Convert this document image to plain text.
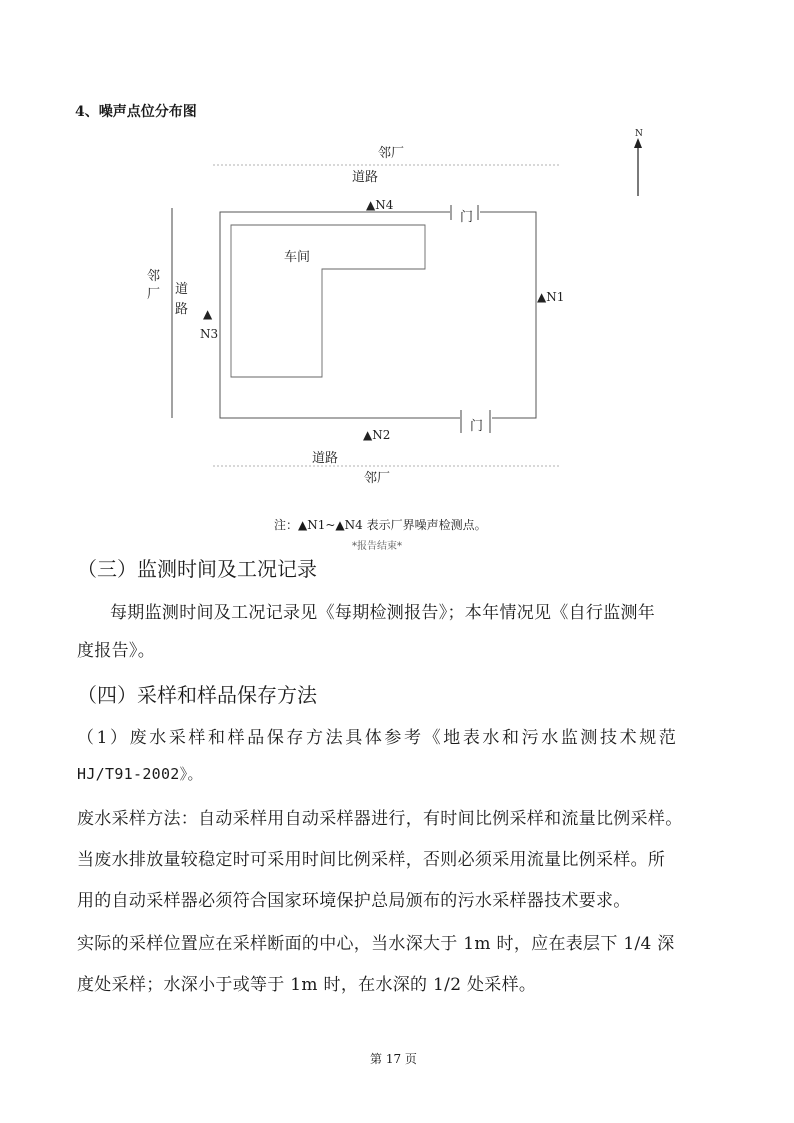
4、噪声点位分布图
N
邻厂
道路
门
车间
邻
厂 道
路
▲N4
▲N1
▲
N3
▲N2
门
道路
邻厂
注：▲N1~▲N4 表示厂界噪声检测点。
*报告结束*
（三）监测时间及工况记录
每期监测时间及工况记录见《每期检测报告》；本年情况见《自行监测年
度报告》。
（四）采样和样品保存方法
（1）废水采样和样品保存方法具体参考《地表水和污水监测技术规范
HJ/T91-2002》。
废水采样方法：自动采样用自动采样器进行，有时间比例采样和流量比例采样。
当废水排放量较稳定时可采用时间比例采样，否则必须采用流量比例采样。所
用的自动采样器必须符合国家环境保护总局颁布的污水采样器技术要求。
实际的采样位置应在采样断面的中心，当水深大于 1m 时，应在表层下 1/4 深
度处采样；水深小于或等于 1m 时，在水深的 1/2 处采样。
第 17 页
